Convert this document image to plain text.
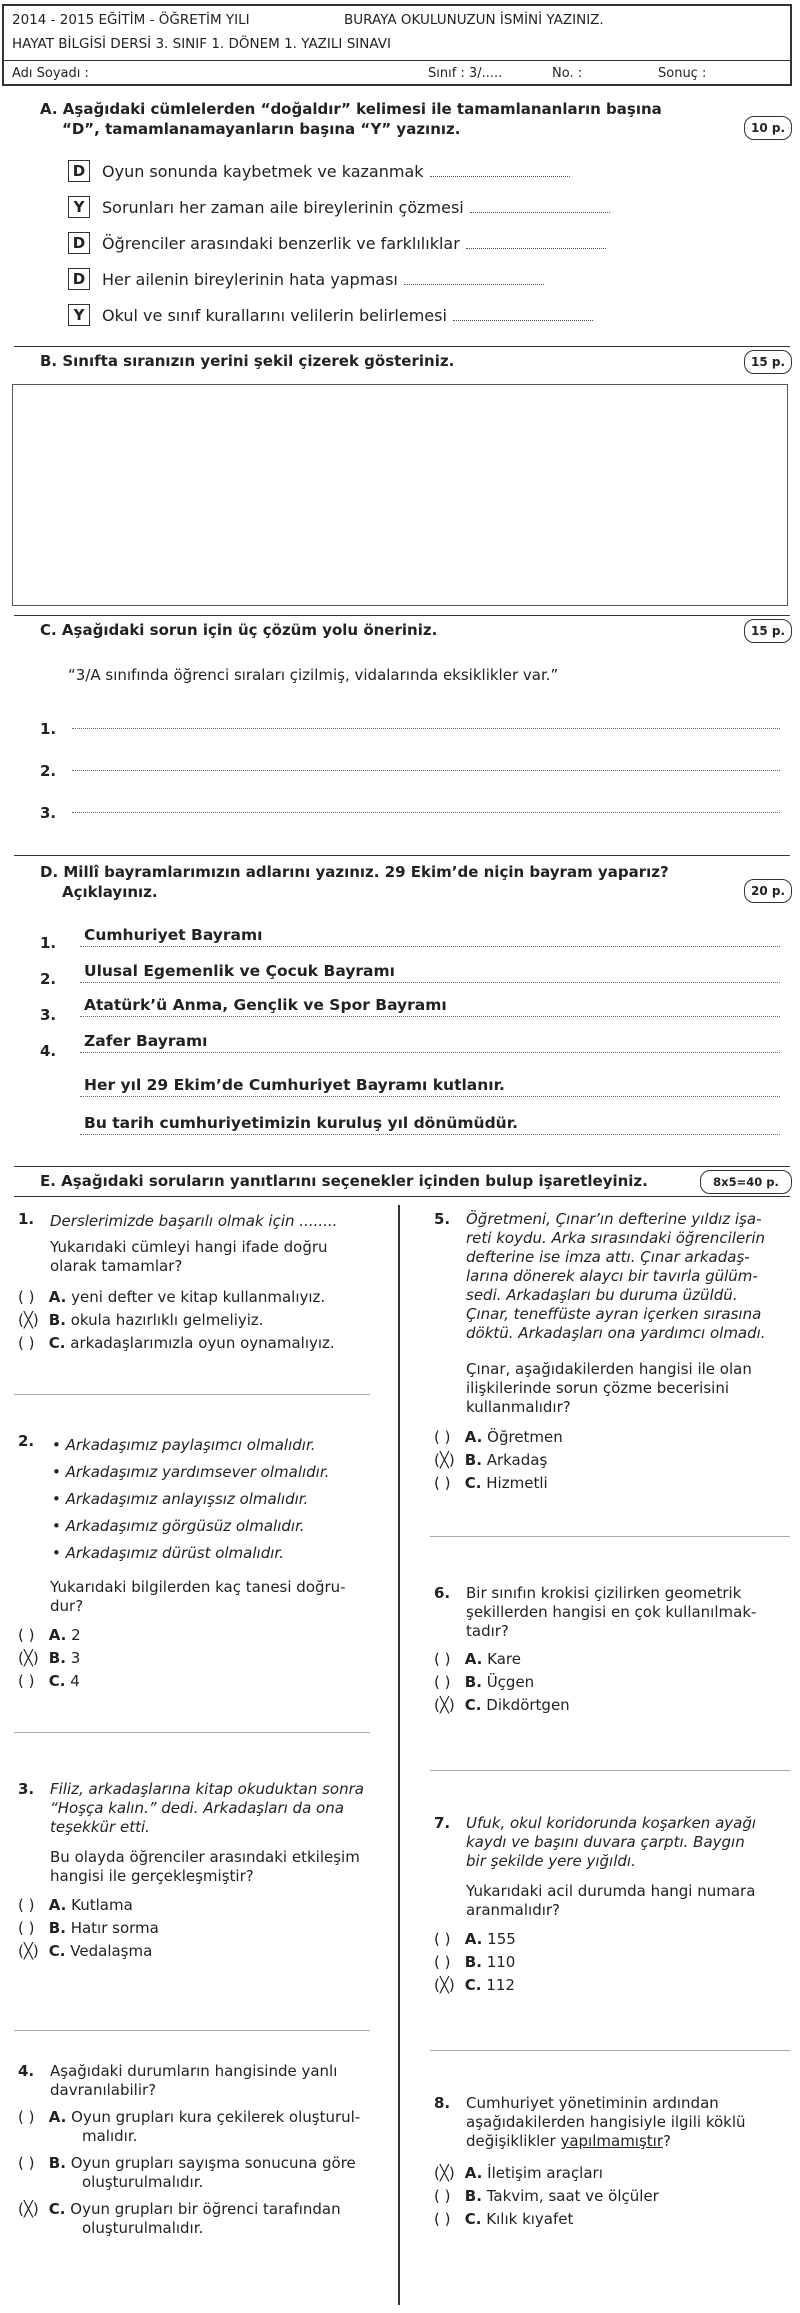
2014 - 2015 EĞİTİM - ÖĞRETİM YILI	BURAYA OKULUNUZUN İSMİNİ YAZINIZ.
HAYAT BİLGİSİ DERSİ 3. SINIF 1. DÖNEM 1. YAZILI SINAVI
Adı Soyadı :	Sınıf : 3/.....	No. :	Sonuç :
A. Aşağıdaki cümlelerden “doğaldır” kelimesi ile tamamlananların başına
“D”, tamamlanamayanların başına “Y” yazınız.	10 p.
D Oyun sonunda kaybetmek ve kazanmak
Y	Sorunları her zaman aile bireylerinin çözmesi
D Öğrenciler arasındaki benzerlik ve farklılıklar
D Her ailenin bireylerinin hata yapması
Y	Okul ve sınıf kurallarını velilerin belirlemesi
B. Sınıfta sıranızın yerini şekil çizerek gösteriniz.	15 p.
C. Aşağıdaki sorun için üç çözüm yolu öneriniz.	15 p.
“3/A sınıfında öğrenci sıraları çizilmiş, vidalarında eksiklikler var.”
1.
2.
3.
D. Millî bayramlarımızın adlarını yazınız. 29 Ekim’de niçin bayram yaparız?
Açıklayınız.	20 p.
1. Cumhuriyet Bayramı
2. Ulusal Egemenlik ve Çocuk Bayramı
3.
Atatürk’ü Anma, Gençlik ve Spor Bayramı
4.
Zafer Bayramı
Her yıl 29 Ekim’de Cumhuriyet Bayramı kutlanır.
Bu tarih cumhuriyetimizin kuruluş yıl dönümüdür.
E. Aşağıdaki soruların yanıtlarını seçenekler içinden bulup işaretleyiniz.	8x5=40 p.
1. Derslerimizde başarılı olmak için ........
Yukarıdaki cümleyi hangi ifade doğru
olarak tamamlar?
( ) A. yeni defter ve kitap kullanmalıyız.
(╳) B. okula hazırlıklı gelmeliyiz.
( ) C. arkadaşlarımızla oyun oynamalıyız.
2. • Arkadaşımız paylaşımcı olmalıdır.
• Arkadaşımız yardımsever olmalıdır.
• Arkadaşımız anlayışsız olmalıdır.
• Arkadaşımız görgüsüz olmalıdır.
• Arkadaşımız dürüst olmalıdır.
Yukarıdaki bilgilerden kaç tanesi doğru-
dur?
( ) A. 2
(╳) B. 3
( ) C. 4
3. Filiz, arkadaşlarına kitap okuduktan sonra
“Hoşça kalın.” dedi. Arkadaşları da ona
teşekkür etti.
Bu olayda öğrenciler arasındaki etkileşim
hangisi ile gerçekleşmiştir?
( ) A. Kutlama
( ) B. Hatır sorma
(╳) C. Vedalaşma
4. Aşağıdaki durumların hangisinde yanlı
davranılabilir?
( ) A. Oyun grupları kura çekilerek oluşturul-
malıdır.
( ) B. Oyun grupları sayışma sonucuna göre
oluşturulmalıdır.
(╳) C. Oyun grupları bir öğrenci tarafından
oluşturulmalıdır.
5. Öğretmeni, Çınar’ın defterine yıldız işa-
reti koydu. Arka sırasındaki öğrencilerin
defterine ise imza attı. Çınar arkadaş-
larına dönerek alaycı bir tavırla gülüm-
sedi. Arkadaşları bu duruma üzüldü.
Çınar, teneffüste ayran içerken sırasına
döktü. Arkadaşları ona yardımcı olmadı.
Çınar, aşağıdakilerden hangisi ile olan
ilişkilerinde sorun çözme becerisini
kullanmalıdır?
( ) A. Öğretmen
(╳) B. Arkadaş
( ) C. Hizmetli
6. Bir sınıfın krokisi çizilirken geometrik
şekillerden hangisi en çok kullanılmak-
tadır?
( ) A. Kare
( ) B. Üçgen
(╳) C. Dikdörtgen
7. Ufuk, okul koridorunda koşarken ayağı
kaydı ve başını duvara çarptı. Baygın
bir şekilde yere yığıldı.
Yukarıdaki acil durumda hangi numara
aranmalıdır?
( ) A. 155
( ) B. 110
(╳) C. 112
8. Cumhuriyet yönetiminin ardından
aşağıdakilerden hangisiyle ilgili köklü
değişiklikler yapılmamıştır?
(╳) A. İletişim araçları
( ) B. Takvim, saat ve ölçüler
( ) C. Kılık kıyafet
